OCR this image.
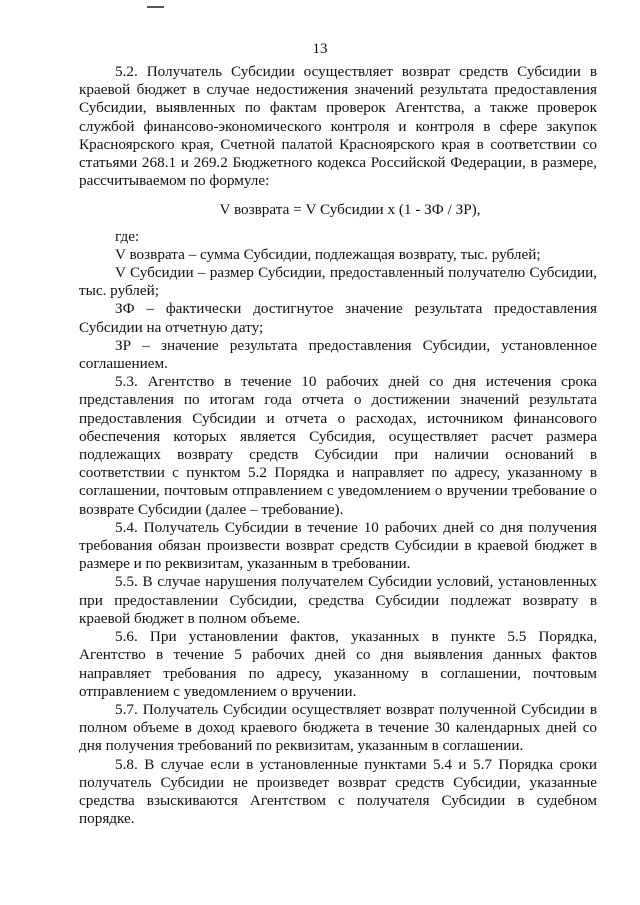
13

5.2. Получатель Субсидии осуществляет возврат средств Субсидии в краевой бюджет в случае недостижения значений результата предоставления Субсидии, выявленных по фактам проверок Агентства, а также проверок службой финансово-экономического контроля и контроля в сфере закупок Красноярского края, Счетной палатой Красноярского края в соответствии со статьями 268.1 и 269.2 Бюджетного кодекса Российской Федерации, в размере, рассчитываемом по формуле:

V возврата = V Субсидии х (1 - ЗФ / ЗР),

где:

V возврата – сумма Субсидии, подлежащая возврату, тыс. рублей;

V Субсидии – размер Субсидии, предоставленный получателю Субсидии, тыс. рублей;

ЗФ – фактически достигнутое значение результата предоставления Субсидии на отчетную дату;

ЗР – значение результата предоставления Субсидии, установленное соглашением.

5.3. Агентство в течение 10 рабочих дней со дня истечения срока представления по итогам года отчета о достижении значений результата предоставления Субсидии и отчета о расходах, источником финансового обеспечения которых является Субсидия, осуществляет расчет размера подлежащих возврату средств Субсидии при наличии оснований в соответствии с пунктом 5.2 Порядка и направляет по адресу, указанному в соглашении, почтовым отправлением с уведомлением о вручении требование о возврате Субсидии (далее – требование).

5.4. Получатель Субсидии в течение 10 рабочих дней со дня получения требования обязан произвести возврат средств Субсидии в краевой бюджет в размере и по реквизитам, указанным в требовании.

5.5. В случае нарушения получателем Субсидии условий, установленных при предоставлении Субсидии, средства Субсидии подлежат возврату в краевой бюджет в полном объеме.

5.6. При установлении фактов, указанных в пункте 5.5 Порядка, Агентство в течение 5 рабочих дней со дня выявления данных фактов направляет требования по адресу, указанному в соглашении, почтовым отправлением с уведомлением о вручении.

5.7. Получатель Субсидии осуществляет возврат полученной Субсидии в полном объеме в доход краевого бюджета в течение 30 календарных дней со дня получения требований по реквизитам, указанным в соглашении.

5.8. В случае если в установленные пунктами 5.4 и 5.7 Порядка сроки получатель Субсидии не произведет возврат средств Субсидии, указанные средства взыскиваются Агентством с получателя Субсидии в судебном порядке.
